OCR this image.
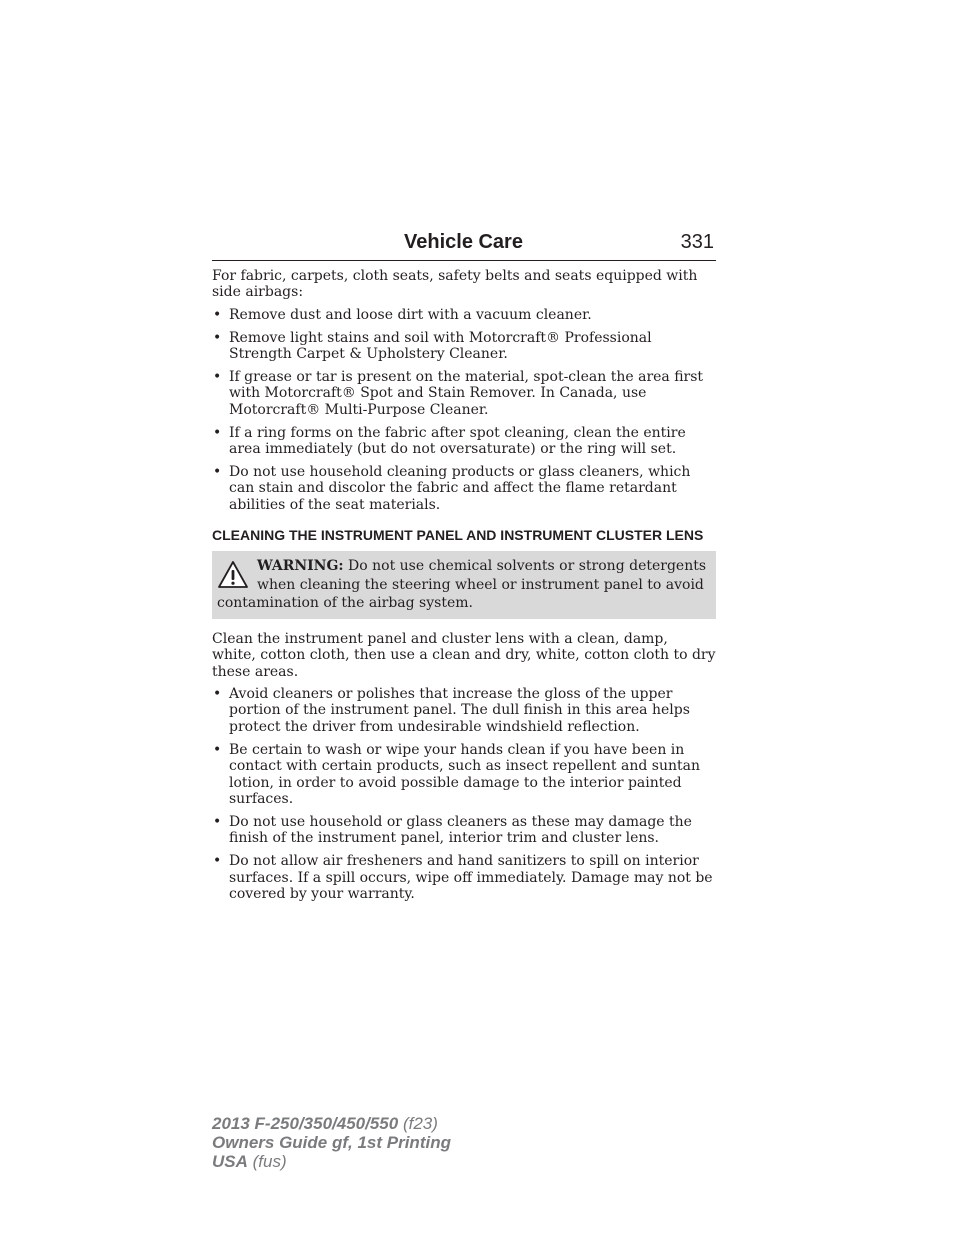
Vehicle Care	331

For fabric, carpets, cloth seats, safety belts and seats equipped with side airbags:

• Remove dust and loose dirt with a vacuum cleaner.
• Remove light stains and soil with Motorcraft® Professional Strength Carpet & Upholstery Cleaner.
• If grease or tar is present on the material, spot-clean the area first with Motorcraft® Spot and Stain Remover. In Canada, use Motorcraft® Multi-Purpose Cleaner.
• If a ring forms on the fabric after spot cleaning, clean the entire area immediately (but do not oversaturate) or the ring will set.
• Do not use household cleaning products or glass cleaners, which can stain and discolor the fabric and affect the flame retardant abilities of the seat materials.
CLEANING THE INSTRUMENT PANEL AND INSTRUMENT CLUSTER LENS
WARNING: Do not use chemical solvents or strong detergents when cleaning the steering wheel or instrument panel to avoid contamination of the airbag system.

Clean the instrument panel and cluster lens with a clean, damp, white, cotton cloth, then use a clean and dry, white, cotton cloth to dry these areas.

• Avoid cleaners or polishes that increase the gloss of the upper portion of the instrument panel. The dull finish in this area helps protect the driver from undesirable windshield reflection.
• Be certain to wash or wipe your hands clean if you have been in contact with certain products, such as insect repellent and suntan lotion, in order to avoid possible damage to the interior painted surfaces.
• Do not use household or glass cleaners as these may damage the finish of the instrument panel, interior trim and cluster lens.
• Do not allow air fresheners and hand sanitizers to spill on interior surfaces. If a spill occurs, wipe off immediately. Damage may not be covered by your warranty.
2013 F-250/350/450/550 (f23)
Owners Guide gf, 1st Printing
USA (fus)
